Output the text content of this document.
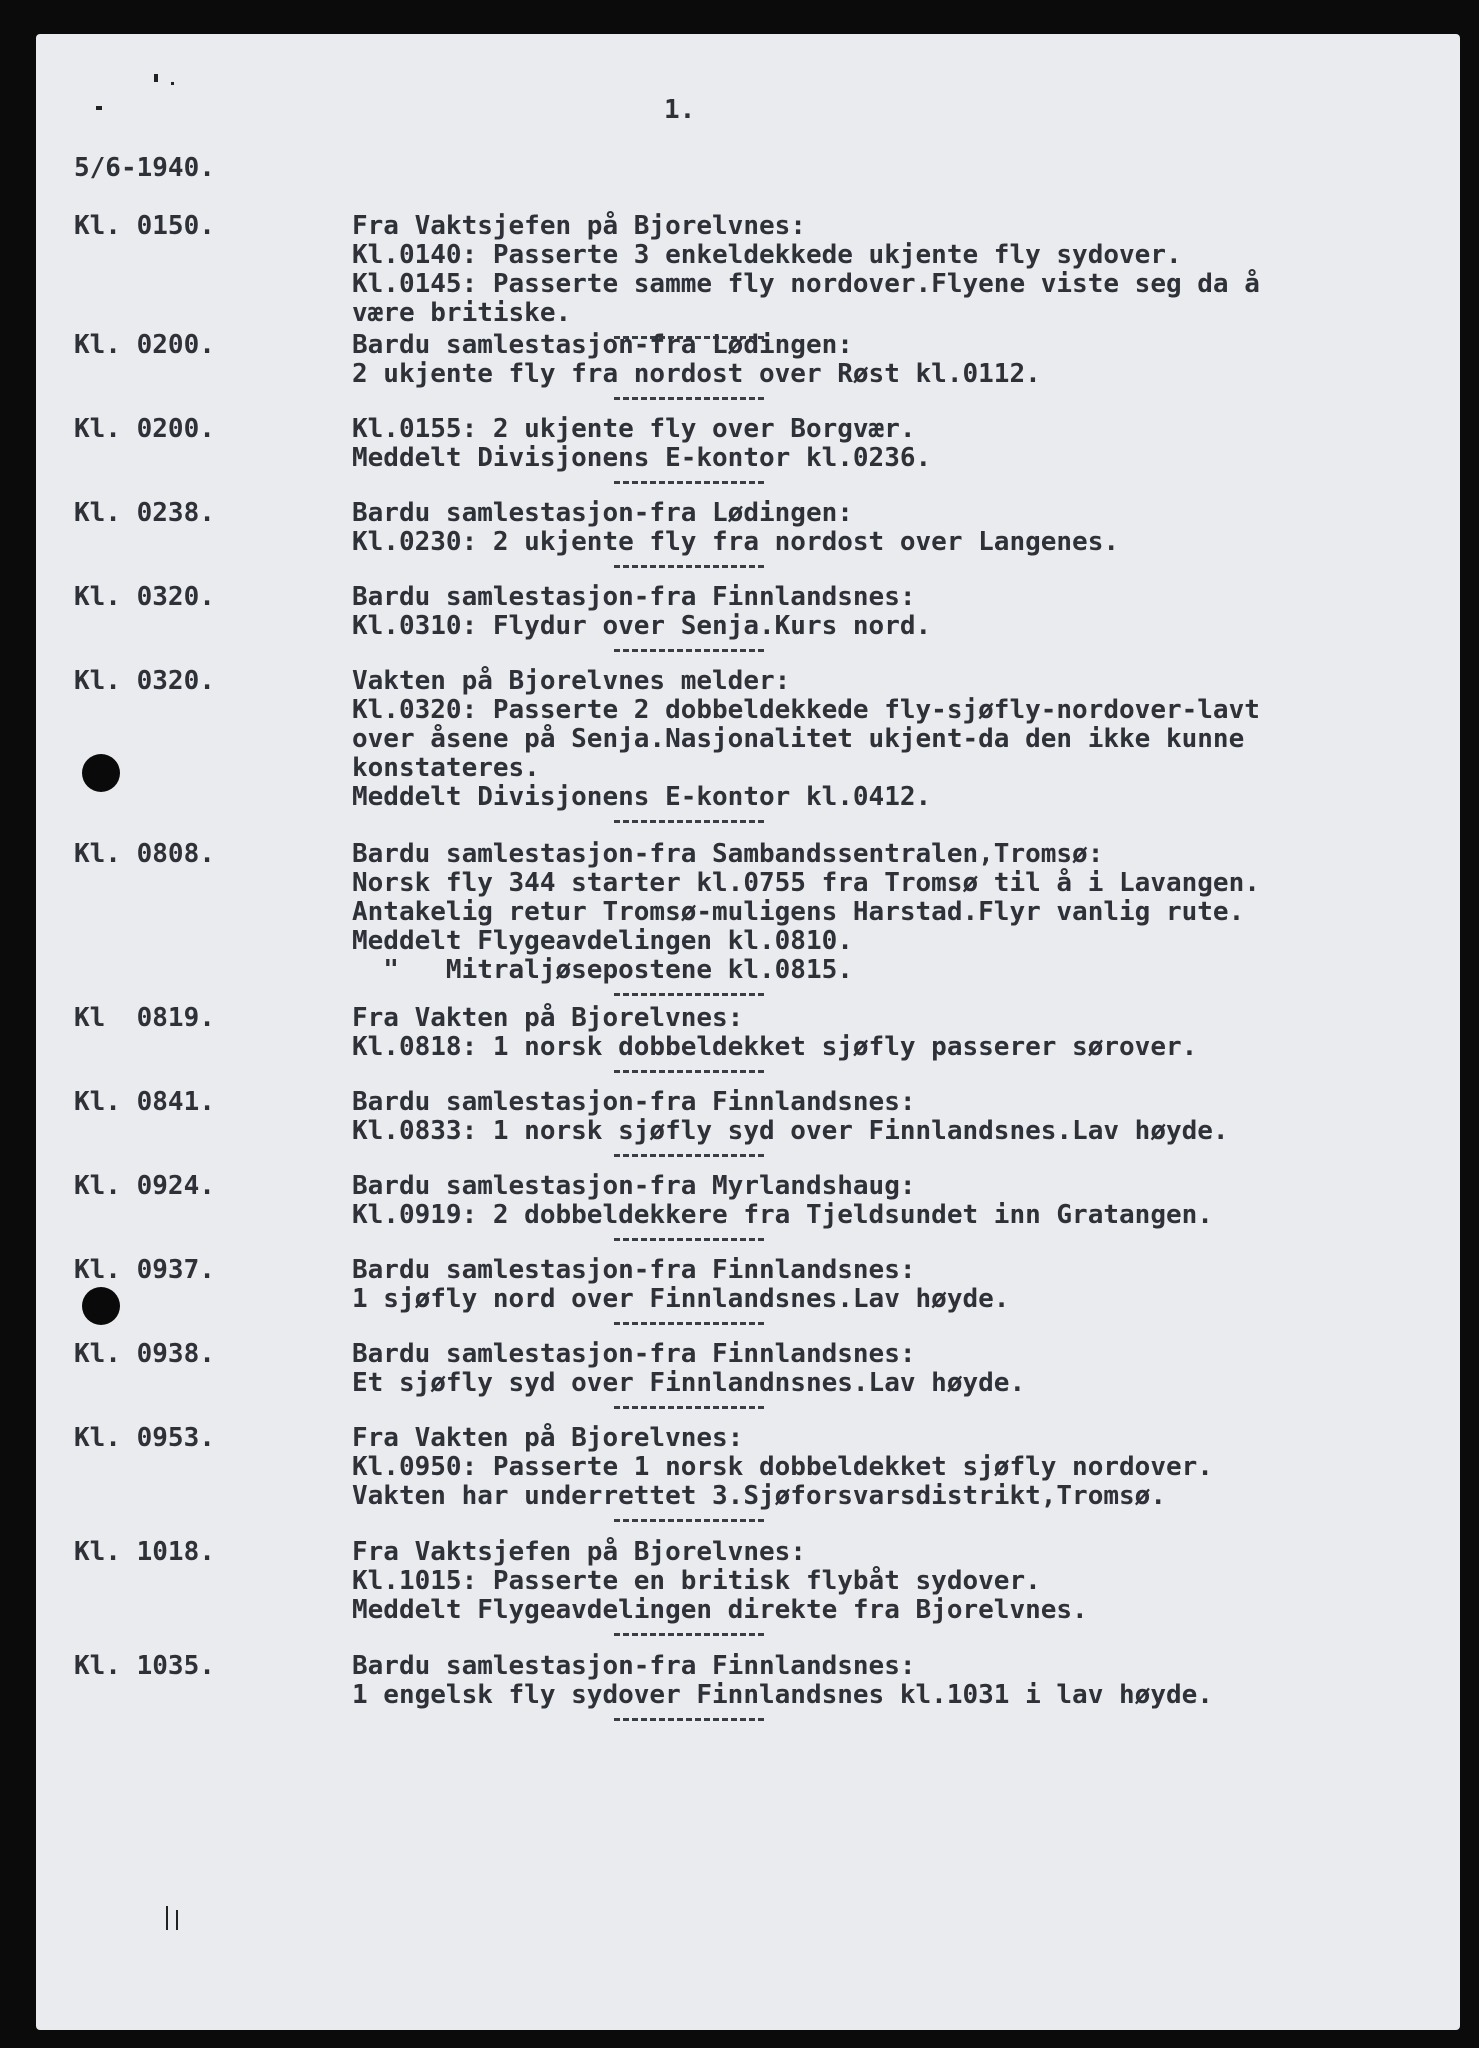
1.
5/6-1940.
Kl. 0150.	Fra Vaktsjefen på Bjorelvnes:
Kl.0140: Passerte 3 enkeldekkede ukjente fly sydover.
Kl.0145: Passerte samme fly nordover.Flyene viste seg da å
være britiske.
Kl. 0200.	Bardu samlestasjon-fra Lødingen:
2 ukjente fly fra nordost over Røst kl.0112.
Kl. 0200.	Kl.0155: 2 ukjente fly over Borgvær.
Meddelt Divisjonens E-kontor kl.0236.
Kl. 0238.	Bardu samlestasjon-fra Lødingen:
Kl.0230: 2 ukjente fly fra nordost over Langenes.
Kl. 0320.	Bardu samlestasjon-fra Finnlandsnes:
Kl.0310: Flydur over Senja.Kurs nord.
Kl. 0320.	Vakten på Bjorelvnes melder:
Kl.0320: Passerte 2 dobbeldekkede fly-sjøfly-nordover-lavt
over åsene på Senja.Nasjonalitet ukjent-da den ikke kunne
konstateres.
Meddelt Divisjonens E-kontor kl.0412.
Kl. 0808.	Bardu samlestasjon-fra Sambandssentralen,Tromsø:
Norsk fly 344 starter kl.0755 fra Tromsø til å i Lavangen.
Antakelig retur Tromsø-muligens Harstad.Flyr vanlig rute.
Meddelt Flygeavdelingen kl.0810.
"   Mitraljøsepostene kl.0815.
Kl  0819.	Fra Vakten på Bjorelvnes:
Kl.0818: 1 norsk dobbeldekket sjøfly passerer sørover.
Kl. 0841.	Bardu samlestasjon-fra Finnlandsnes:
Kl.0833: 1 norsk sjøfly syd over Finnlandsnes.Lav høyde.
Kl. 0924.	Bardu samlestasjon-fra Myrlandshaug:
Kl.0919: 2 dobbeldekkere fra Tjeldsundet inn Gratangen.
Kl. 0937.	Bardu samlestasjon-fra Finnlandsnes:
1 sjøfly nord over Finnlandsnes.Lav høyde.
Kl. 0938.	Bardu samlestasjon-fra Finnlandsnes:
Et sjøfly syd over Finnlandnsnes.Lav høyde.
Kl. 0953.	Fra Vakten på Bjorelvnes:
Kl.0950: Passerte 1 norsk dobbeldekket sjøfly nordover.
Vakten har underrettet 3.Sjøforsvarsdistrikt,Tromsø.
Kl. 1018.	Fra Vaktsjefen på Bjorelvnes:
Kl.1015: Passerte en britisk flybåt sydover.
Meddelt Flygeavdelingen direkte fra Bjorelvnes.
Kl. 1035.	Bardu samlestasjon-fra Finnlandsnes:
1 engelsk fly sydover Finnlandsnes kl.1031 i lav høyde.
